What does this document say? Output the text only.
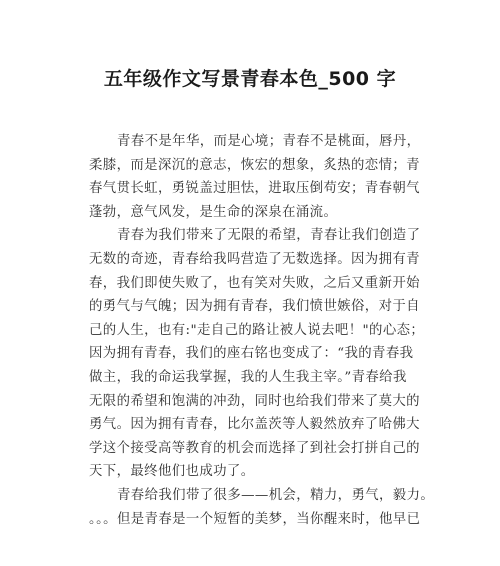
五年级作文写景青春本色_500 字
青春不是年华，而是心境；青春不是桃面，唇丹，
柔膝，而是深沉的意志，恢宏的想象，炙热的恋情；青
春气贯长虹，勇锐盖过胆怯，进取压倒苟安；青春朝气
蓬勃，意气风发，是生命的深泉在涌流。
青春为我们带来了无限的希望，青春让我们创造了
无数的奇迹，青春给我吗营造了无数选择。因为拥有青
春，我们即使失败了，也有笑对失败，之后又重新开始
的勇气与气魄；因为拥有青春，我们愤世嫉俗，对于自
己的人生，也有:"走自己的路让被人说去吧！"的心态；
因为拥有青春，我们的座右铭也变成了：“我的青春我
做主，我的命运我掌握，我的人生我主宰。”青春给我
无限的希望和饱满的冲劲，同时也给我们带来了莫大的
勇气。因为拥有青春，比尔盖茨等人毅然放弃了哈佛大
学这个接受高等教育的机会而选择了到社会打拼自己的
天下，最终他们也成功了。
青春给我们带了很多——机会，精力，勇气，毅力。
。。。但是青春是一个短暂的美梦，当你醒来时，他早已
